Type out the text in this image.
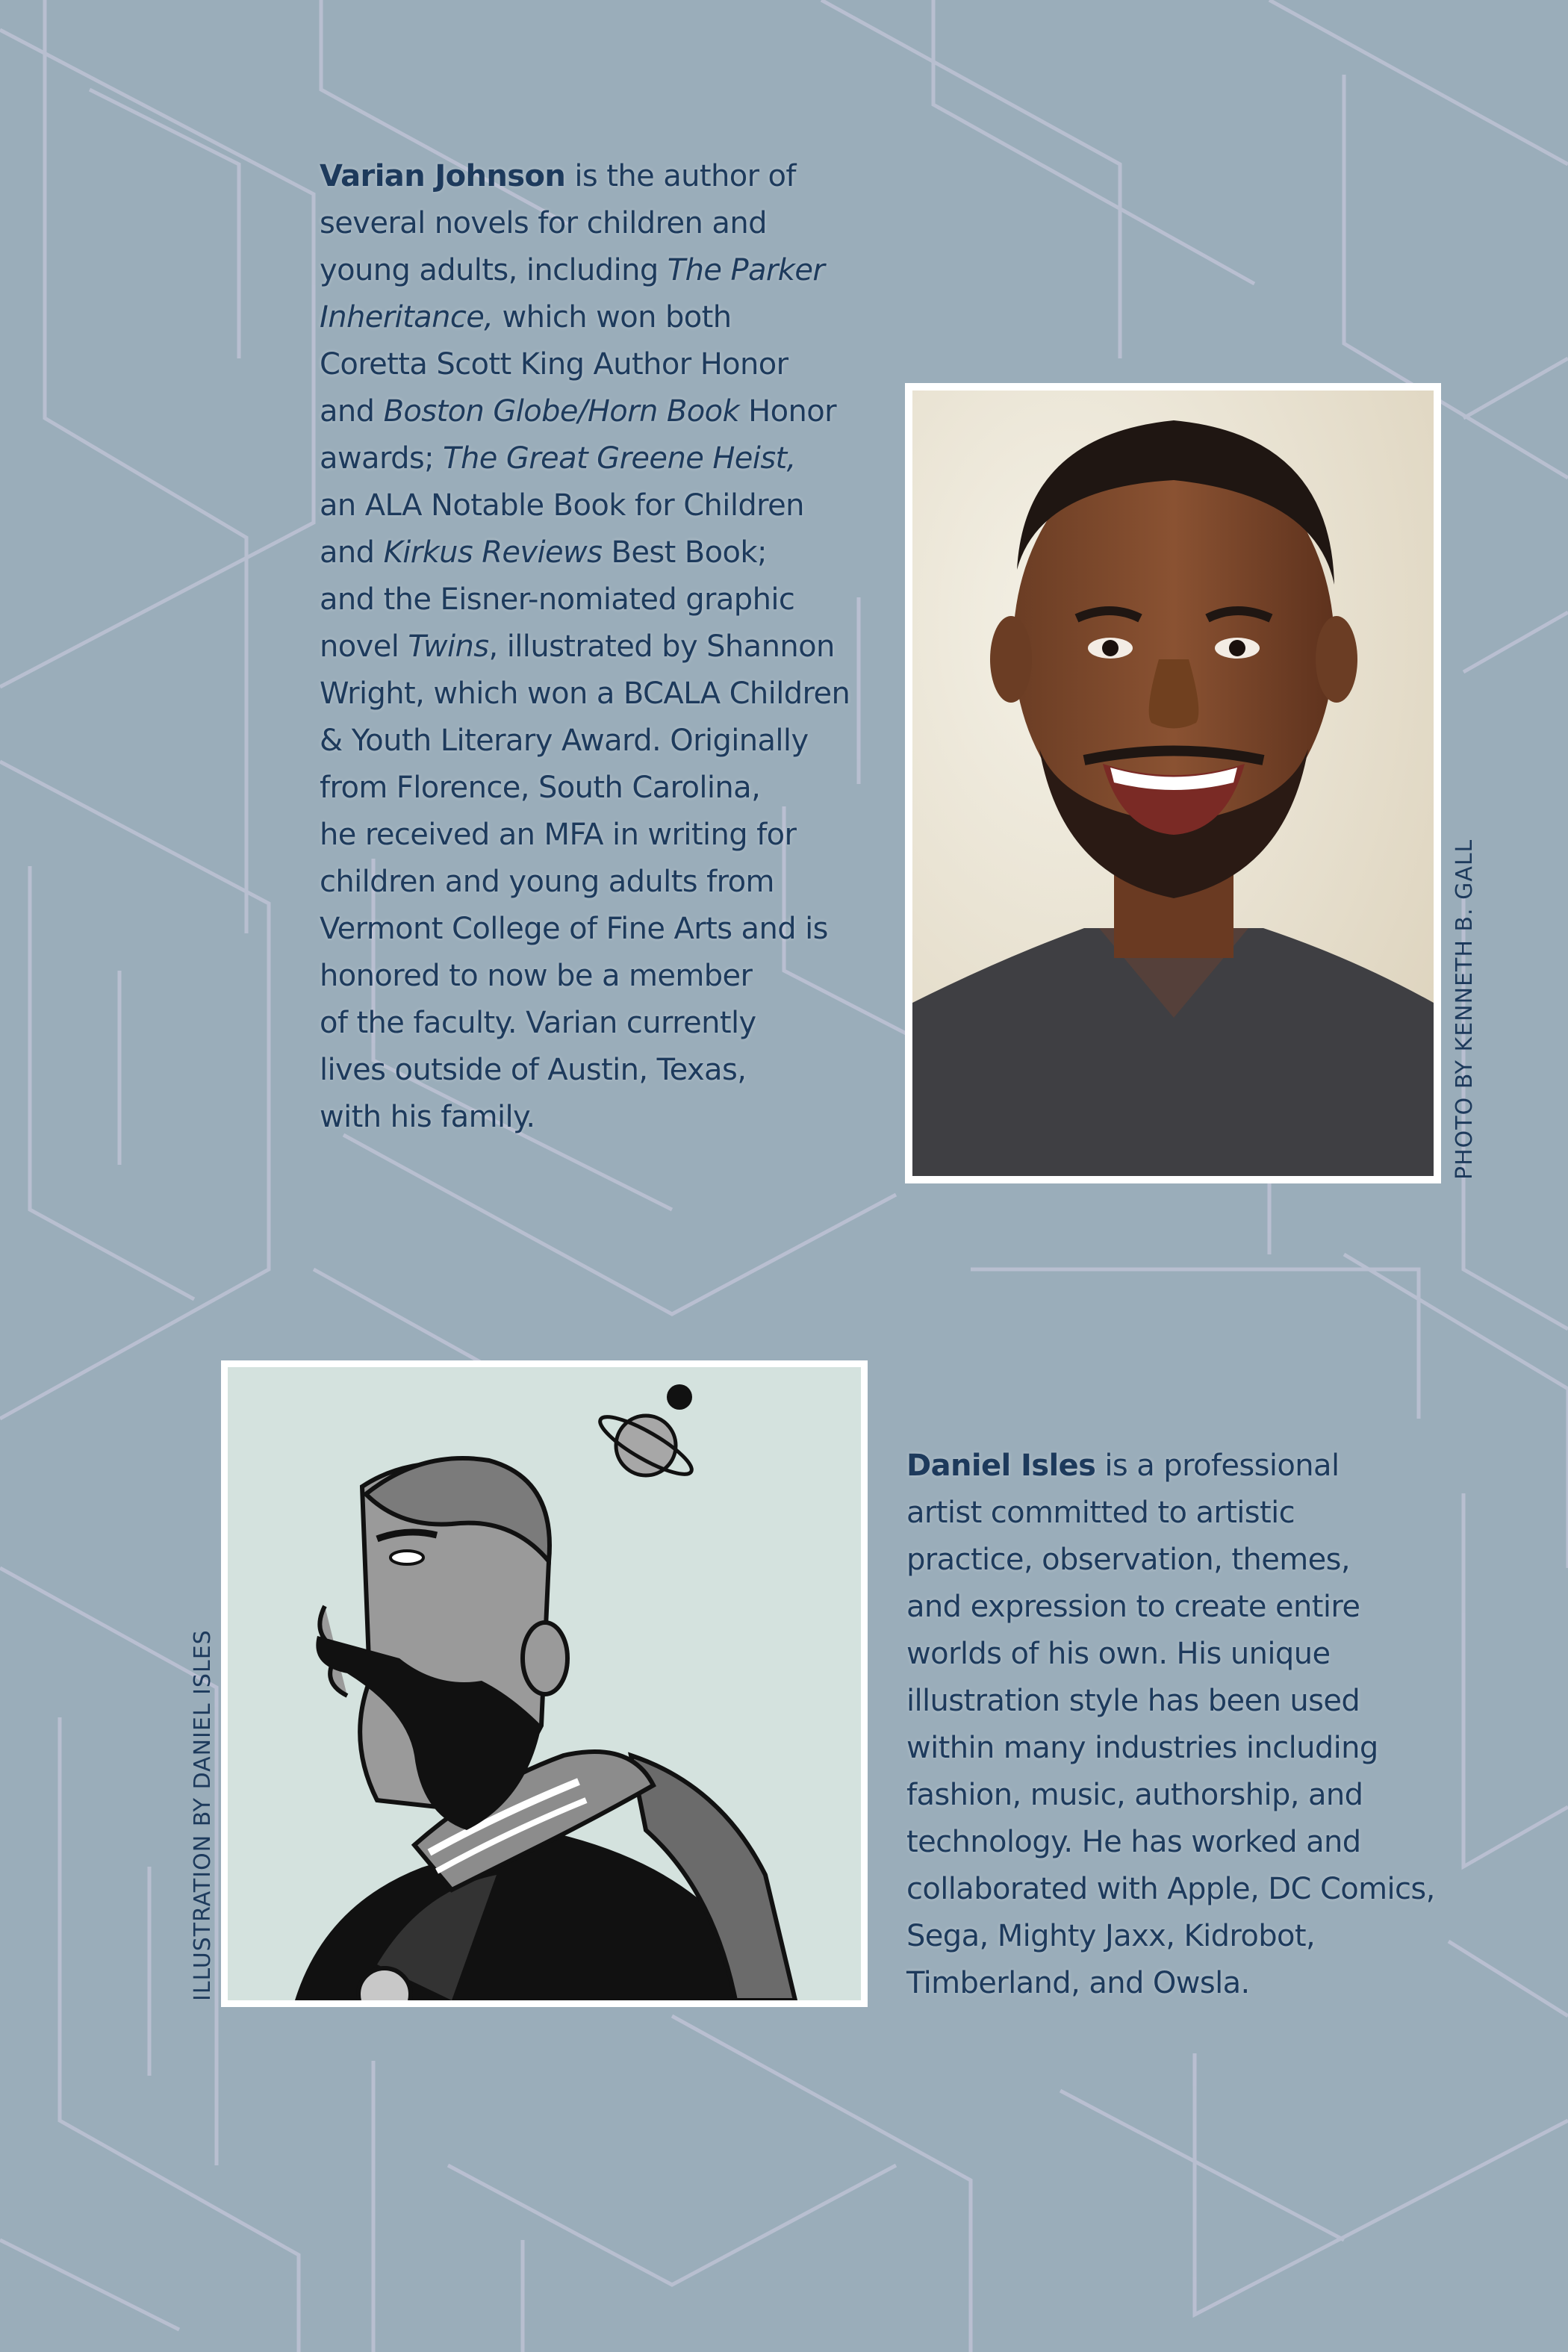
Varian Johnson is the author of
several novels for children and
young adults, including The Parker
Inheritance, which won both
Coretta Scott King Author Honor
and Boston Globe/Horn Book Honor
awards; The Great Greene Heist,
an ALA Notable Book for Children
and Kirkus Reviews Best Book;
and the Eisner-nomiated graphic
novel Twins, illustrated by Shannon
Wright, which won a BCALA Children
& Youth Literary Award. Originally
from Florence, South Carolina,
he received an MFA in writing for
children and young adults from
Vermont College of Fine Arts and is
honored to now be a member
of the faculty. Varian currently
lives outside of Austin, Texas,
with his family.	PHOTO BY KENNETH B. GALL
ILLUSTRATION BY DANIEL ISLES
Daniel Isles is a professional
artist committed to artistic
practice, observation, themes,
and expression to create entire
worlds of his own. His unique
illustration style has been used
within many industries including
fashion, music, authorship, and
technology. He has worked and
collaborated with Apple, DC Comics,
Sega, Mighty Jaxx, Kidrobot,
Timberland, and Owsla.
